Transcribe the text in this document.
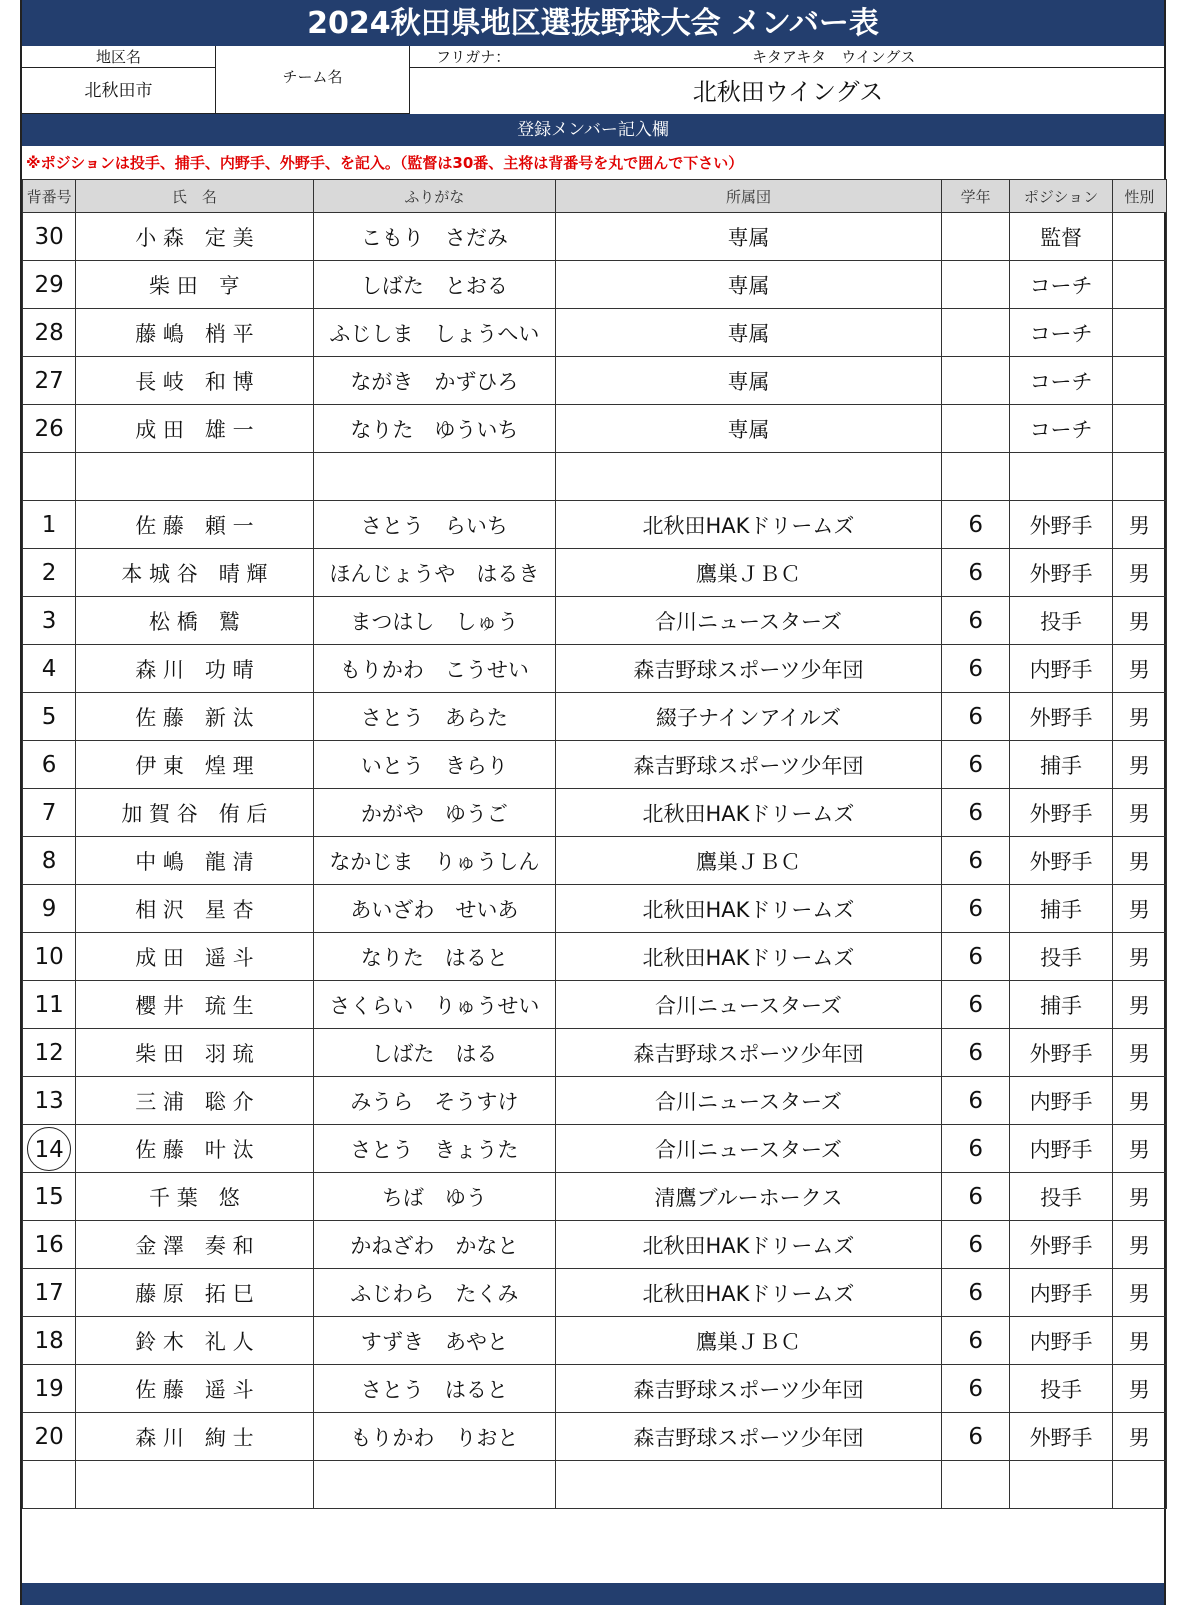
2024秋田県地区選抜野球大会 メンバー表
地区名
北秋田市
チーム名
フリガナ：	キタアキタ　ウイングス
北秋田ウイングス
登録メンバー記入欄
※ポジションは投手、捕手、内野手、外野手、を記入。（監督は30番、主将は背番号を丸で囲んで下さい）
背番号	氏　名	ふりがな	所属団	学年	ポジション	性別
30	小 森　定 美	こもり　さだみ	専属		監督	
29	柴 田　亨	しばた　とおる	専属		コーチ	
28	藤 嶋　梢 平	ふじしま　しょうへい	専属		コーチ	
27	長 岐　和 博	ながき　かずひろ	専属		コーチ	
26	成 田　雄 一	なりた　ゆういち	専属		コーチ	

1	佐 藤　頼 一	さとう　らいち	北秋田HAKドリームズ	6	外野手	男
2	本 城 谷　晴 輝	ほんじょうや　はるき	鷹巣ＪＢＣ	6	外野手	男
3	松 橋　鷲	まつはし　しゅう	合川ニュースターズ	6	投手	男
4	森 川　功 晴	もりかわ　こうせい	森吉野球スポーツ少年団	6	内野手	男
5	佐 藤　新 汰	さとう　あらた	綴子ナインアイルズ	6	外野手	男
6	伊 東　煌 理	いとう　きらり	森吉野球スポーツ少年団	6	捕手	男
7	加 賀 谷　侑 后	かがや　ゆうご	北秋田HAKドリームズ	6	外野手	男
8	中 嶋　龍 清	なかじま　りゅうしん	鷹巣ＪＢＣ	6	外野手	男
9	相 沢　星 杏	あいざわ　せいあ	北秋田HAKドリームズ	6	捕手	男
10	成 田　遥 斗	なりた　はると	北秋田HAKドリームズ	6	投手	男
11	櫻 井　琉 生	さくらい　りゅうせい	合川ニュースターズ	6	捕手	男
12	柴 田　羽 琉	しばた　はる	森吉野球スポーツ少年団	6	外野手	男
13	三 浦　聡 介	みうら　そうすけ	合川ニュースターズ	6	内野手	男
14	佐 藤　叶 汰	さとう　きょうた	合川ニュースターズ	6	内野手	男
15	千 葉　悠	ちば　ゆう	清鷹ブルーホークス	6	投手	男
16	金 澤　奏 和	かねざわ　かなと	北秋田HAKドリームズ	6	外野手	男
17	藤 原　拓 巳	ふじわら　たくみ	北秋田HAKドリームズ	6	内野手	男
18	鈴 木　礼 人	すずき　あやと	鷹巣ＪＢＣ	6	内野手	男
19	佐 藤　遥 斗	さとう　はると	森吉野球スポーツ少年団	6	投手	男
20	森 川　絢 士	もりかわ　りおと	森吉野球スポーツ少年団	6	外野手	男
